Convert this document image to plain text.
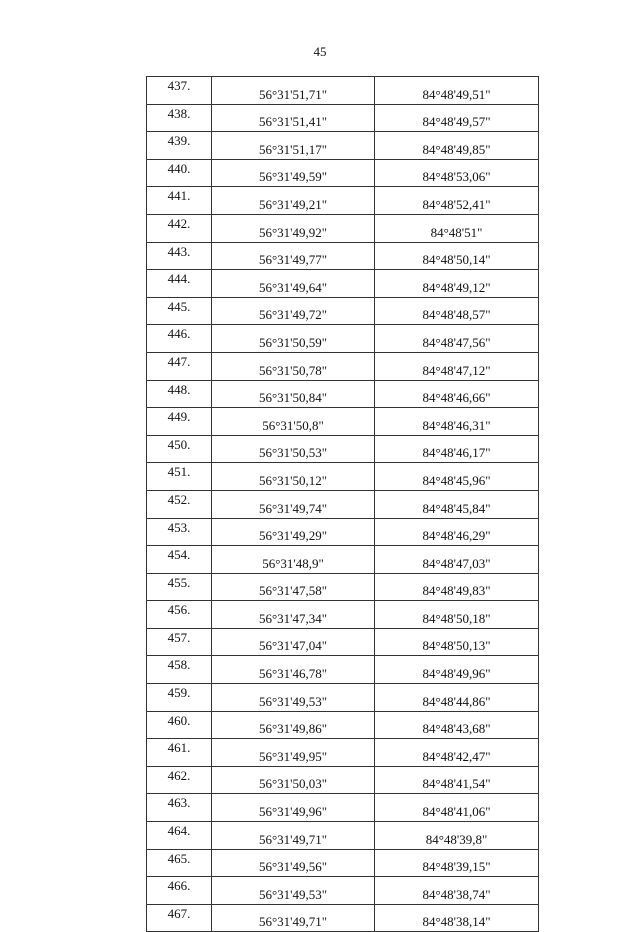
45
437.	56°31'51,71"	84°48'49,51"
438.	56°31'51,41"	84°48'49,57"
439.	56°31'51,17"	84°48'49,85"
440.	56°31'49,59"	84°48'53,06"
441.	56°31'49,21"	84°48'52,41"
442.	56°31'49,92"	84°48'51"
443.	56°31'49,77"	84°48'50,14"
444.	56°31'49,64"	84°48'49,12"
445.	56°31'49,72"	84°48'48,57"
446.	56°31'50,59"	84°48'47,56"
447.	56°31'50,78"	84°48'47,12"
448.	56°31'50,84"	84°48'46,66"
449.	56°31'50,8"	84°48'46,31"
450.	56°31'50,53"	84°48'46,17"
451.	56°31'50,12"	84°48'45,96"
452.	56°31'49,74"	84°48'45,84"
453.	56°31'49,29"	84°48'46,29"
454.	56°31'48,9"	84°48'47,03"
455.	56°31'47,58"	84°48'49,83"
456.	56°31'47,34"	84°48'50,18"
457.	56°31'47,04"	84°48'50,13"
458.	56°31'46,78"	84°48'49,96"
459.	56°31'49,53"	84°48'44,86"
460.	56°31'49,86"	84°48'43,68"
461.	56°31'49,95"	84°48'42,47"
462.	56°31'50,03"	84°48'41,54"
463.	56°31'49,96"	84°48'41,06"
464.	56°31'49,71"	84°48'39,8"
465.	56°31'49,56"	84°48'39,15"
466.	56°31'49,53"	84°48'38,74"
467.	56°31'49,71"	84°48'38,14"
